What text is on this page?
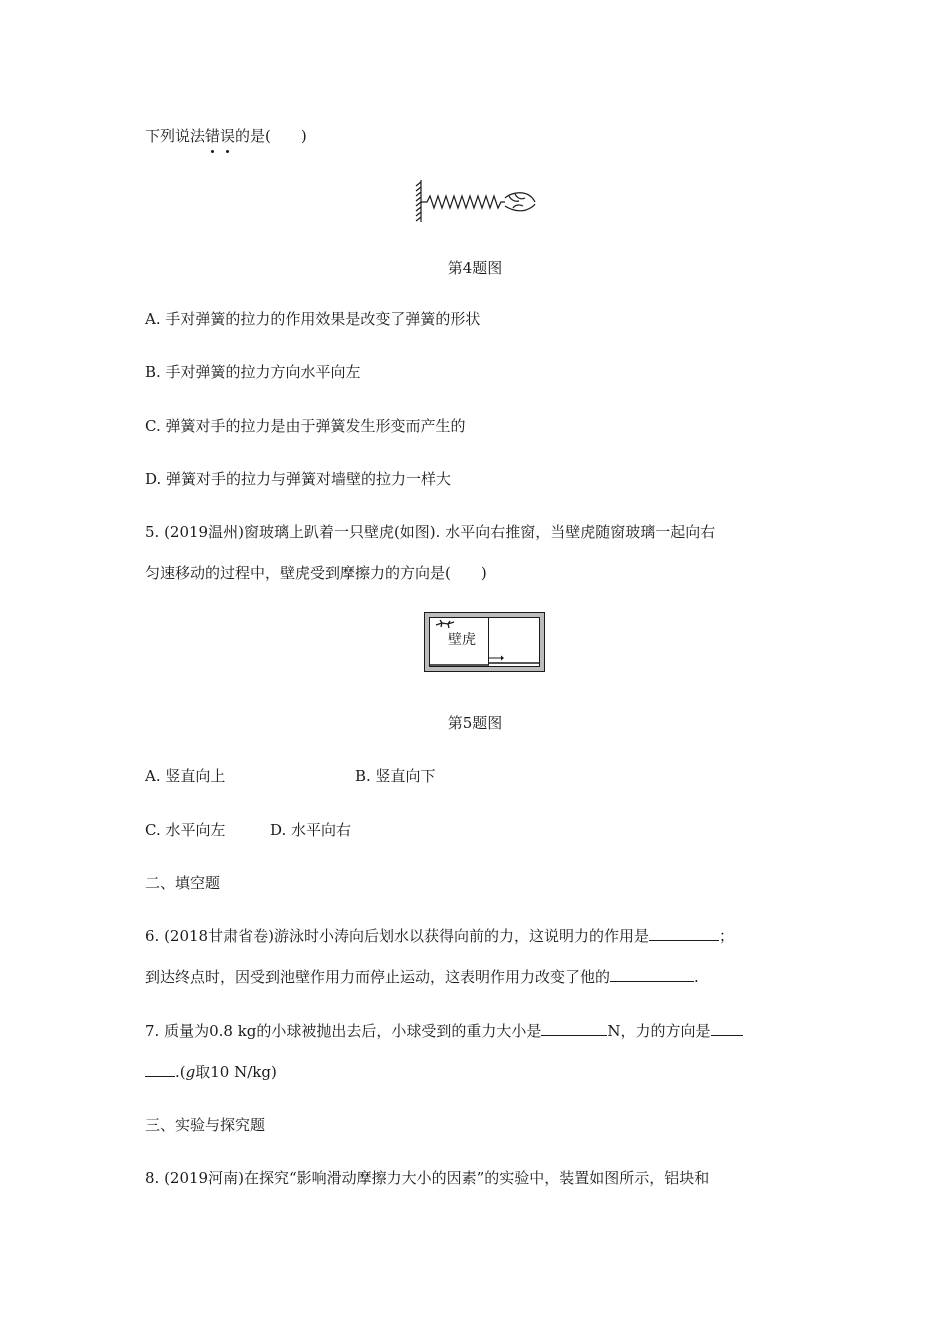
下列说法错误的是(　　)
第4题图
A. 手对弹簧的拉力的作用效果是改变了弹簧的形状
B. 手对弹簧的拉力方向水平向左
C. 弹簧对手的拉力是由于弹簧发生形变而产生的
D. 弹簧对手的拉力与弹簧对墙壁的拉力一样大
5. (2019温州)窗玻璃上趴着一只壁虎(如图). 水平向右推窗，当壁虎随窗玻璃一起向右
匀速移动的过程中，壁虎受到摩擦力的方向是(　　)
壁虎
第5题图
A. 竖直向上	B. 竖直向下
C. 水平向左	D. 水平向右
二、填空题
6. (2018甘肃省卷)游泳时小涛向后划水以获得向前的力，这说明力的作用是	；
到达终点时，因受到池壁作用力而停止运动，这表明作用力改变了他的	.
7. 质量为0.8 kg的小球被抛出去后，小球受到的重力大小是	N，力的方向是
.(g取10 N/kg)
三、实验与探究题
8. (2019河南)在探究“影响滑动摩擦力大小的因素”的实验中，装置如图所示，铝块和
